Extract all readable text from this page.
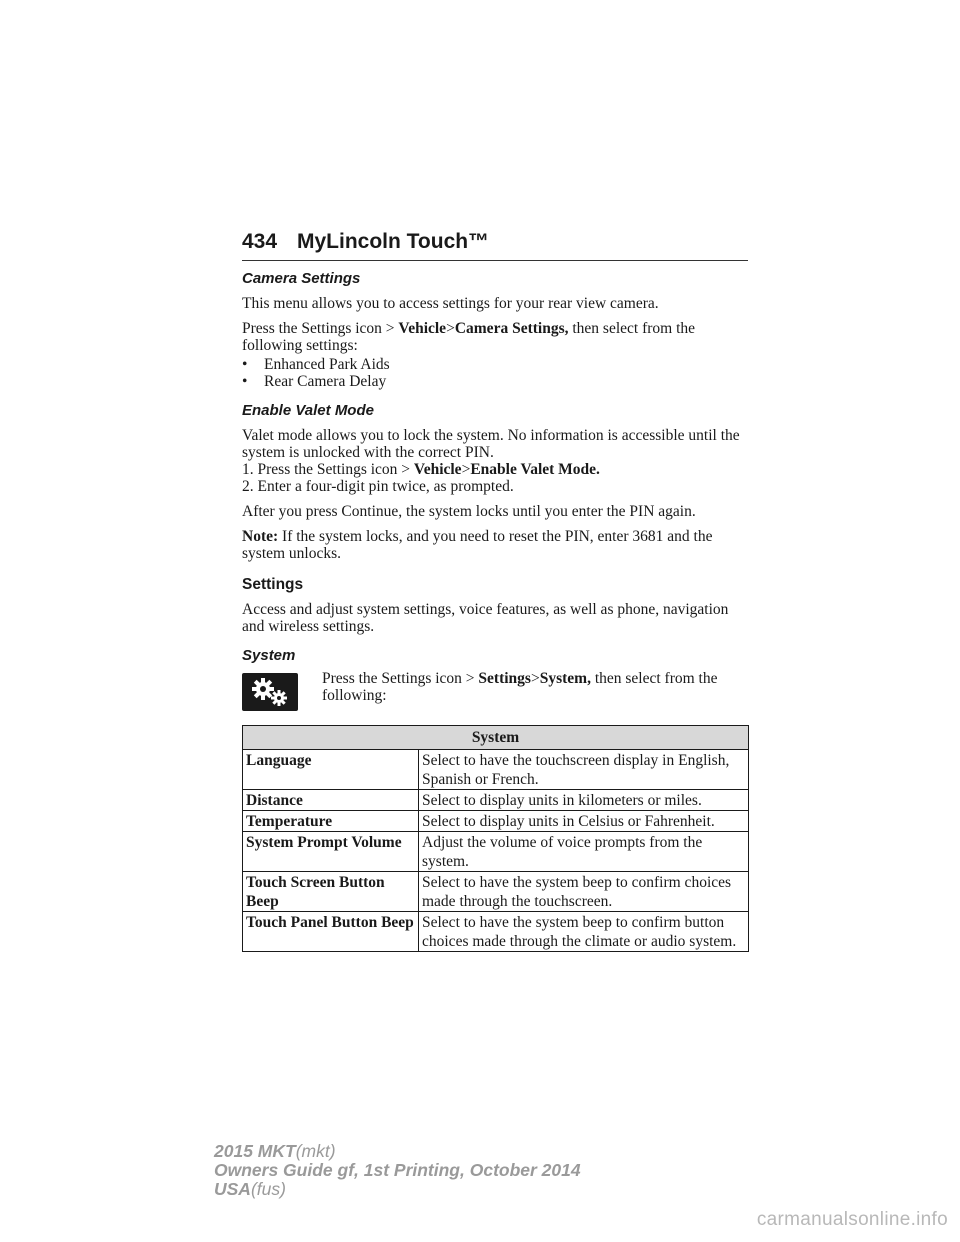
434 MyLincoln Touch™
Camera Settings

This menu allows you to access settings for your rear view camera.

Press the Settings icon > Vehicle>Camera Settings, then select from the following settings:

• Enhanced Park Aids
• Rear Camera Delay
Enable Valet Mode

Valet mode allows you to lock the system. No information is accessible until the system is unlocked with the correct PIN.

1. Press the Settings icon > Vehicle>Enable Valet Mode.

2. Enter a four-digit pin twice, as prompted.

After you press Continue, the system locks until you enter the PIN again.

Note: If the system locks, and you need to reset the PIN, enter 3681 and the system unlocks.

Settings

Access and adjust system settings, voice features, as well as phone, navigation and wireless settings.

System
Press the Settings icon > Settings>System, then select from the following:
System	
Language	Select to have the touchscreen display in English, Spanish or French.
Distance	Select to display units in kilometers or miles.
Temperature	Select to display units in Celsius or Fahrenheit.
System Prompt Volume	Adjust the volume of voice prompts from the system.
Touch Screen Button Beep	Select to have the system beep to confirm choices made through the touchscreen.
Touch Panel Button Beep	Select to have the system beep to confirm button choices made through the climate or audio system.
2015 MKT(mkt)
Owners Guide gf, 1st Printing, October 2014
USA(fus)
carmanualsonline.info
